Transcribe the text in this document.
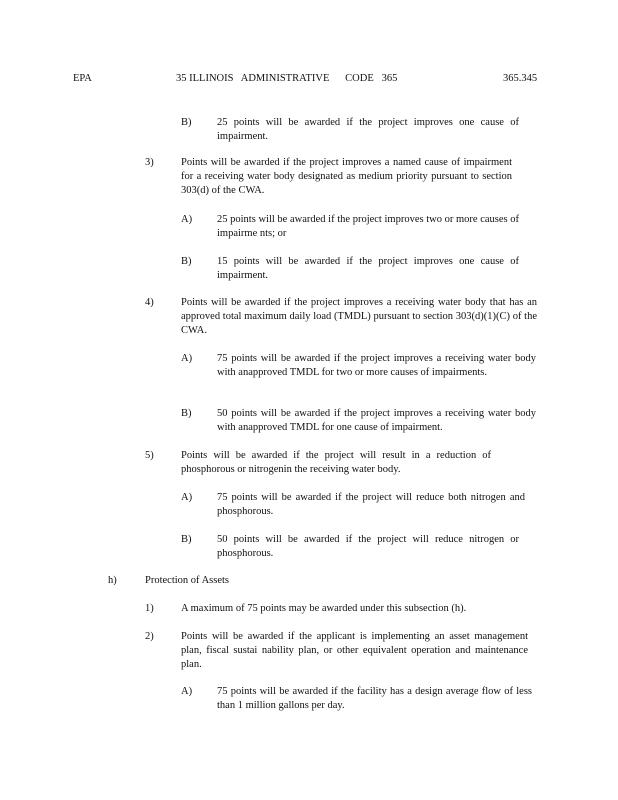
EPA	35 ILLINOIS   ADMINISTRATIVE      CODE   365	365.345
B) 25 points will be awarded if the project improves one cause of impairment.
3)	Points will be awarded if the project improves a named cause of impairment for a receiving water body designated as medium priority pursuant to section 303(d) of the CWA.
A) 25 points will be awarded if the project improves two or more causes of impairme nts; or
B) 15 points will be awarded if the project improves one cause of impairment.
4)	Points will be awarded if the project improves a receiving water body that has an approved total maximum daily load (TMDL) pursuant to section 303(d)(1)(C) of the CWA.
A) 75 points will be awarded if the project improves a receiving water body with anapproved TMDL for two or more causes of impairments.
B) 50 points will be awarded if the project improves a receiving water body with anapproved TMDL for one cause of impairment.
5)	Points will be awarded if the project will result in a reduction of phosphorous or nitrogenin the receiving water body.
A) 75 points will be awarded if the project will reduce both nitrogen and phosphorous.
B) 50 points will be awarded if the project will reduce nitrogen or phosphorous.
h)	Protection of Assets
1)	A maximum of 75 points may be awarded under this subsection (h).
2)	Points will be awarded if the applicant is implementing an asset management plan, fiscal sustai nability plan, or other equivalent operation and maintenance plan.
A) 75 points will be awarded if the facility has a design average flow of less than 1 million gallons per day.
